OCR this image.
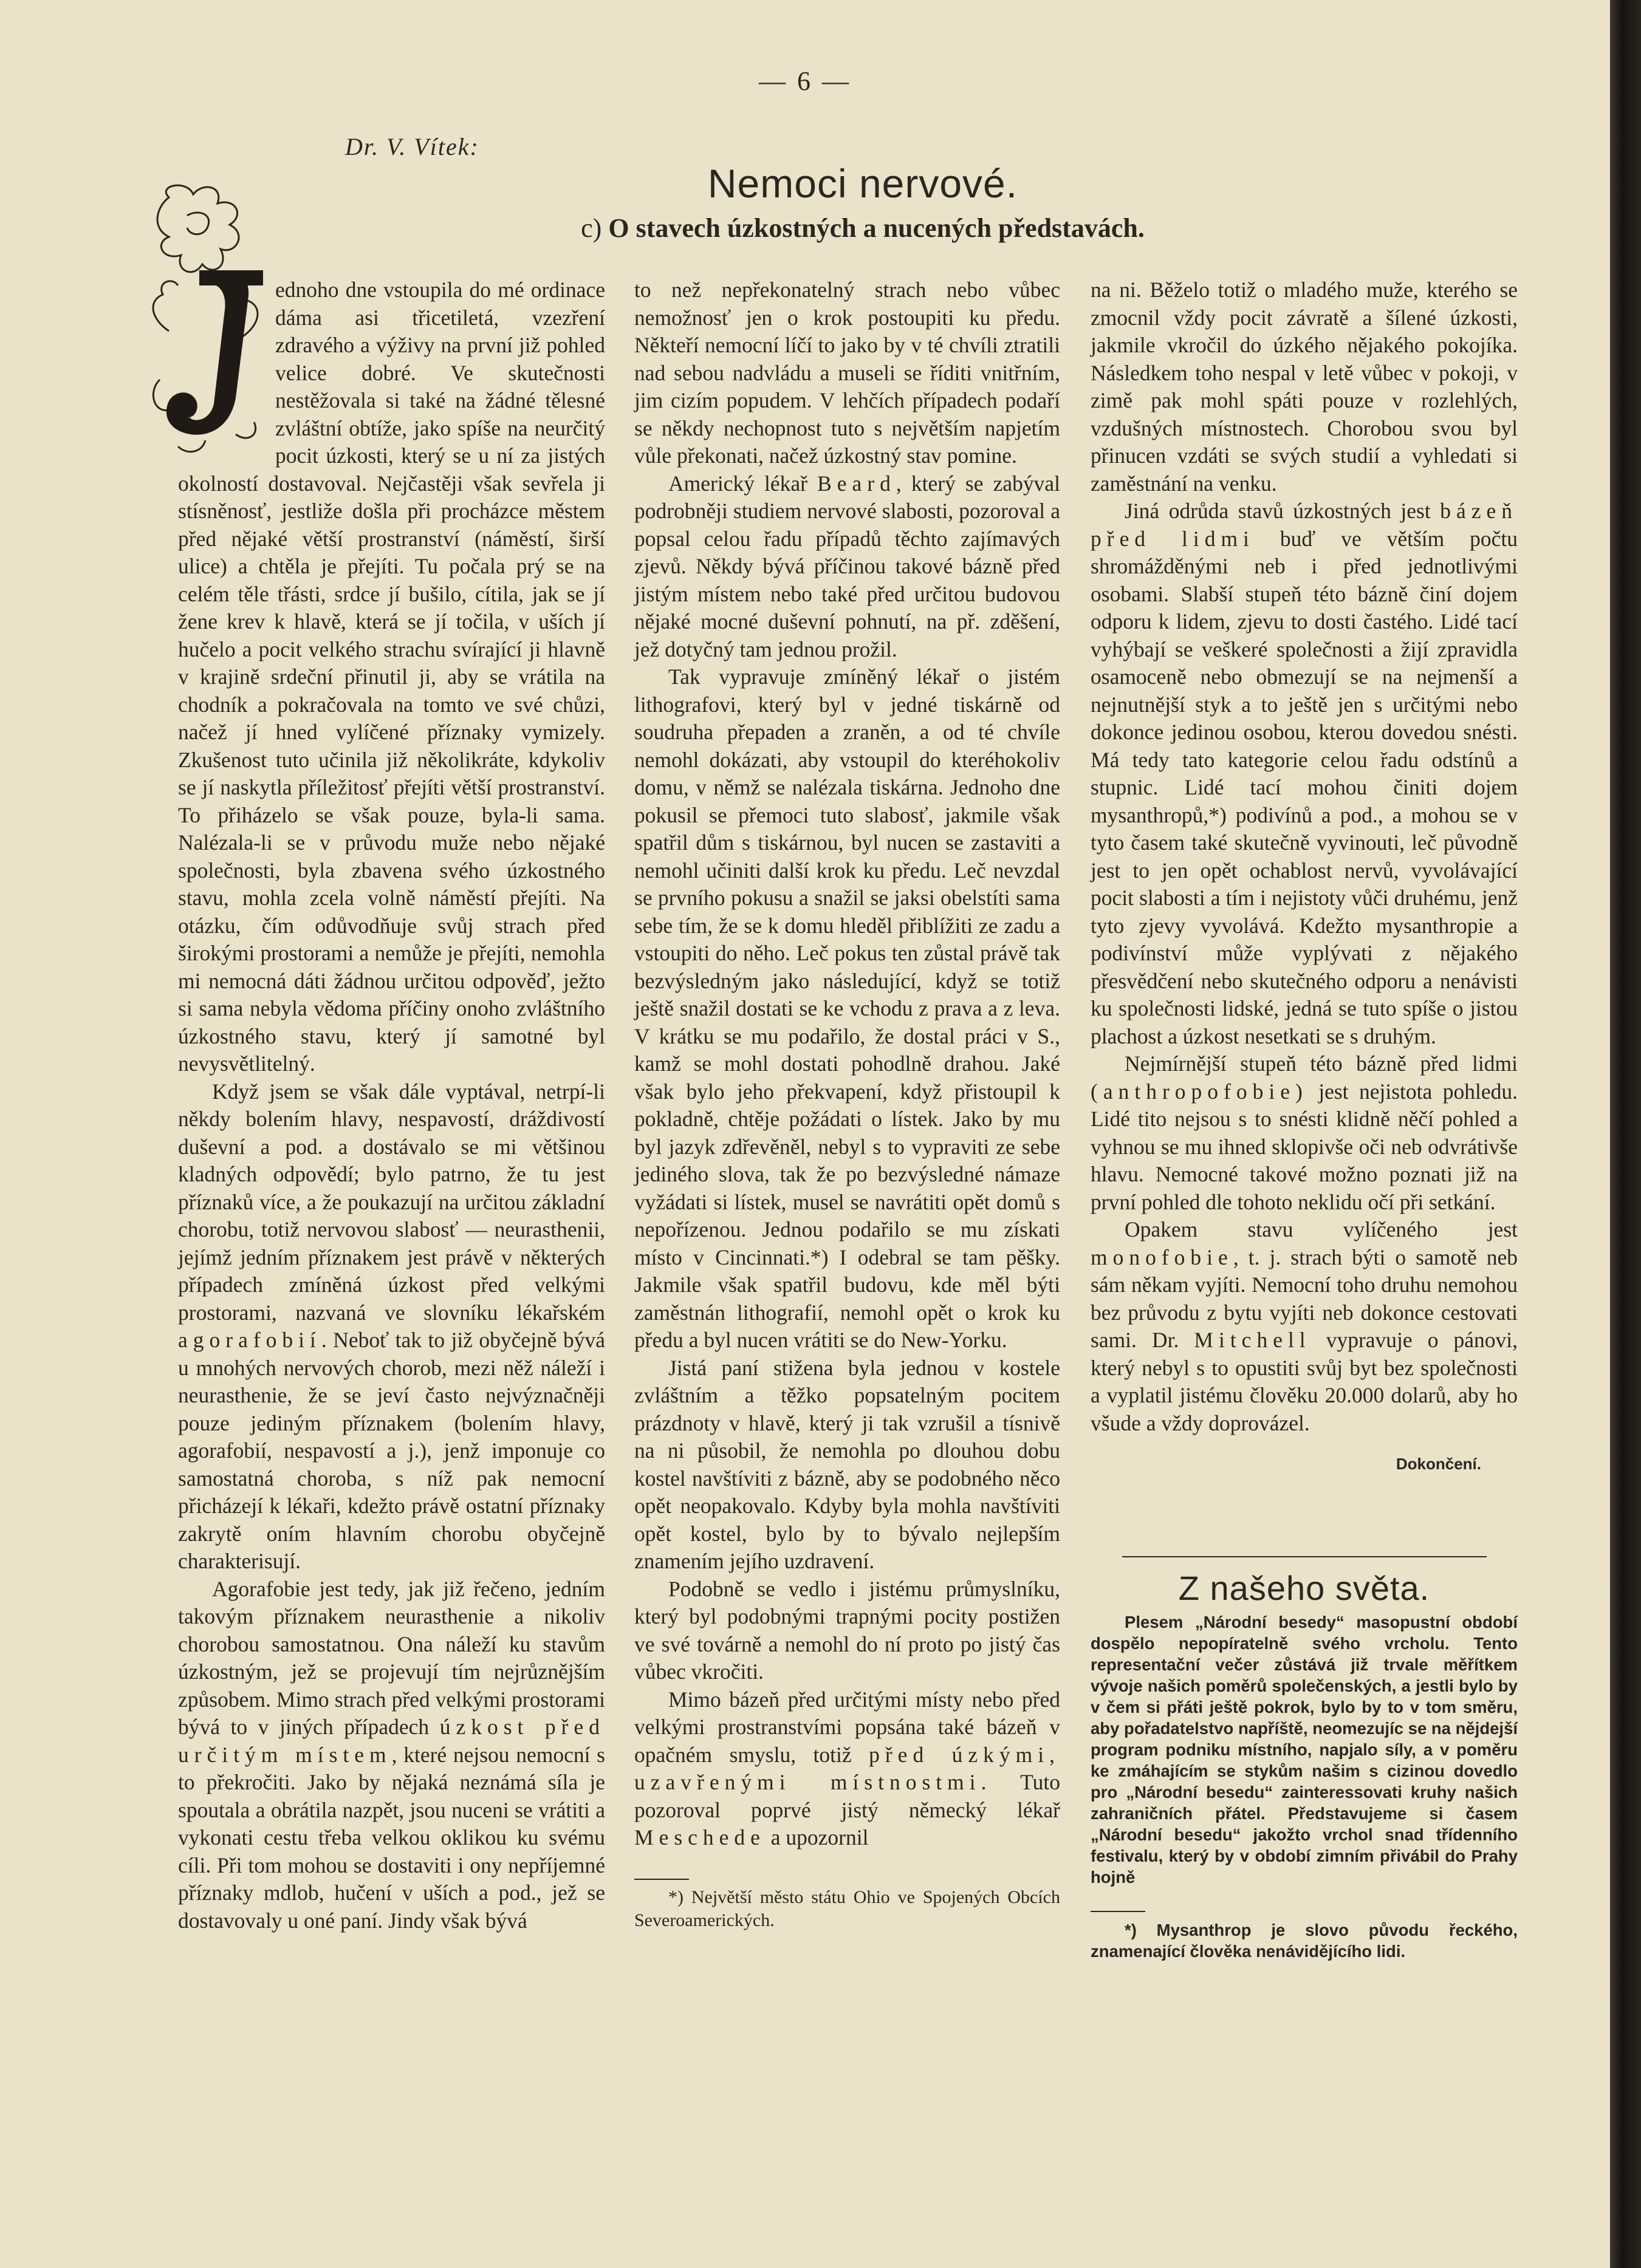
— 6 —
Dr. V. Vítek:
Nemoci nervové.
c) O stavech úzkostných a nucených představách.

ednoho dne vstoupila do mé ordinace dáma asi třicetiletá, vzezření zdravého a výživy na první již pohled velice dobré. Ve skutečnosti nestěžovala si také na žádné tělesné zvláštní obtíže, jako spíše na neurčitý pocit úzkosti, který se u ní za jistých okolností dostavoval. Nejčastěji však sevřela ji stísněnosť, jestliže došla při procházce městem před nějaké větší prostranství (náměstí, širší ulice) a chtěla je přejíti. Tu počala prý se na celém těle třásti, srdce jí bušilo, cítila, jak se jí žene krev k hlavě, která se jí točila, v uších jí hučelo a pocit velkého strachu svírající ji hlavně v krajině srdeční přinutil ji, aby se vrátila na chodník a pokračovala na tomto ve své chůzi, načež jí hned vylíčené příznaky vymizely. Zkušenost tuto učinila již několikráte, kdykoliv se jí naskytla příležitosť přejíti větší prostranství. To přiházelo se však pouze, byla-li sama. Nalézala-li se v průvodu muže nebo nějaké společnosti, byla zbavena svého úzkostného stavu, mohla zcela volně náměstí přejíti. Na otázku, čím odůvodňuje svůj strach před širokými prostorami a nemůže je přejíti, nemohla mi nemocná dáti žádnou určitou odpověď, ježto si sama nebyla vědoma příčiny onoho zvláštního úzkostného stavu, který jí samotné byl nevysvětlitelný.

Když jsem se však dále vyptával, netrpí-li někdy bolením hlavy, nespavostí, dráždivostí duševní a pod. a dostávalo se mi většinou kladných odpovědí; bylo patrno, že tu jest příznaků více, a že poukazují na určitou základní chorobu, totiž nervovou slabosť — neurasthenii, jejímž jedním příznakem jest právě v některých případech zmíněná úzkost před velkými prostorami, nazvaná ve slovníku lékařském agorafobií. Neboť tak to již obyčejně bývá u mnohých nervových chorob, mezi něž náleží i neurasthenie, že se jeví často nejvýznačněji pouze jediným příznakem (bolením hlavy, agorafobií, nespavostí a j.), jenž imponuje co samostatná choroba, s níž pak nemocní přicházejí k lékaři, kdežto právě ostatní příznaky zakrytě oním hlavním chorobu obyčejně charakterisují.

Agorafobie jest tedy, jak již řečeno, jedním takovým příznakem neurasthenie a nikoliv chorobou samostatnou. Ona náleží ku stavům úzkostným, jež se projevují tím nejrůznějším způsobem. Mimo strach před velkými prostorami bývá to v jiných případech úzkost před určitým místem, které nejsou nemocní s to překročiti. Jako by nějaká neznámá síla je spoutala a obrátila nazpět, jsou nuceni se vrátiti a vykonati cestu třeba velkou oklikou ku svému cíli. Při tom mohou se dostaviti i ony nepříjemné příznaky mdlob, hučení v uších a pod., jež se dostavovaly u oné paní. Jindy však bývá

to než nepřekonatelný strach nebo vůbec nemožnosť jen o krok postoupiti ku předu. Někteří nemocní líčí to jako by v té chvíli ztratili nad sebou nadvládu a museli se říditi vnitřním, jim cizím popudem. V lehčích případech podaří se někdy nechopnost tuto s největším napjetím vůle překonati, načež úzkostný stav pomine.

Americký lékař Beard, který se zabýval podrobněji studiem nervové slabosti, pozoroval a popsal celou řadu případů těchto zajímavých zjevů. Někdy bývá příčinou takové bázně před jistým místem nebo také před určitou budovou nějaké mocné duševní pohnutí, na př. zděšení, jež dotyčný tam jednou prožil.

Tak vypravuje zmíněný lékař o jistém lithografovi, který byl v jedné tiskárně od soudruha přepaden a zraněn, a od té chvíle nemohl dokázati, aby vstoupil do kteréhokoliv domu, v němž se nalézala tiskárna. Jednoho dne pokusil se přemoci tuto slabosť, jakmile však spatřil dům s tiskárnou, byl nucen se zastaviti a nemohl učiniti další krok ku předu. Leč nevzdal se prvního pokusu a snažil se jaksi obelstíti sama sebe tím, že se k domu hleděl přiblížiti ze zadu a vstoupiti do něho. Leč pokus ten zůstal právě tak bezvýsledným jako následující, když se totiž ještě snažil dostati se ke vchodu z prava a z leva. V krátku se mu podařilo, že dostal práci v S., kamž se mohl dostati pohodlně drahou. Jaké však bylo jeho překvapení, když přistoupil k pokladně, chtěje požádati o lístek. Jako by mu byl jazyk zdřevěněl, nebyl s to vypraviti ze sebe jediného slova, tak že po bezvýsledné námaze vyžádati si lístek, musel se navrátiti opět domů s nepořízenou. Jednou podařilo se mu získati místo v Cincinnati.*) I odebral se tam pěšky. Jakmile však spatřil budovu, kde měl býti zaměstnán lithografií, nemohl opět o krok ku předu a byl nucen vrátiti se do New-Yorku.

Jistá paní stižena byla jednou v kostele zvláštním a těžko popsatelným pocitem prázdnoty v hlavě, který ji tak vzrušil a tísnivě na ni působil, že nemohla po dlouhou dobu kostel navštíviti z bázně, aby se podobného něco opět neopakovalo. Kdyby byla mohla navštíviti opět kostel, bylo by to bývalo nejlepším znamením jejího uzdravení.

Podobně se vedlo i jistému průmyslníku, který byl podobnými trapnými pocity postižen ve své továrně a nemohl do ní proto po jistý čas vůbec vkročiti.

Mimo bázeň před určitými místy nebo před velkými prostranstvími popsána také bázeň v opačném smyslu, totiž před úzkými, uzavřenými místnostmi. Tuto pozoroval poprvé jistý německý lékař Meschede a upozornil

*) Největší město státu Ohio ve Spojených Obcích Severoamerických.

na ni. Běželo totiž o mladého muže, kterého se zmocnil vždy pocit závratě a šílené úzkosti, jakmile vkročil do úzkého nějakého pokojíka. Následkem toho nespal v letě vůbec v pokoji, v zimě pak mohl spáti pouze v rozlehlých, vzdušných místnostech. Chorobou svou byl přinucen vzdáti se svých studií a vyhledati si zaměstnání na venku.

Jiná odrůda stavů úzkostných jest bázeň před lidmi buď ve větším počtu shromážděnými neb i před jednotlivými osobami. Slabší stupeň této bázně činí dojem odporu k lidem, zjevu to dosti častého. Lidé tací vyhýbají se veškeré společnosti a žijí zpravidla osamoceně nebo obmezují se na nejmenší a nejnutnější styk a to ještě jen s určitými nebo dokonce jedinou osobou, kterou dovedou snésti. Má tedy tato kategorie celou řadu odstínů a stupnic. Lidé tací mohou činiti dojem mysanthropů,*) podivínů a pod., a mohou se v tyto časem také skutečně vyvinouti, leč původně jest to jen opět ochablost nervů, vyvolávající pocit slabosti a tím i nejistoty vůči druhému, jenž tyto zjevy vyvolává. Kdežto mysanthropie a podivínství může vyplývati z nějakého přesvědčení nebo skutečného odporu a nenávisti ku společnosti lidské, jedná se tuto spíše o jistou plachost a úzkost nesetkati se s druhým.

Nejmírnější stupeň této bázně před lidmi (anthropofobie) jest nejistota pohledu. Lidé tito nejsou s to snésti klidně něčí pohled a vyhnou se mu ihned sklopivše oči neb odvrátivše hlavu. Nemocné takové možno poznati již na první pohled dle tohoto neklidu očí při setkání.

Opakem stavu vylíčeného jest monofobie, t. j. strach býti o samotě neb sám někam vyjíti. Nemocní toho druhu nemohou bez průvodu z bytu vyjíti neb dokonce cestovati sami. Dr. Mitchell vypravuje o pánovi, který nebyl s to opustiti svůj byt bez společnosti a vyplatil jistému člověku 20.000 dolarů, aby ho všude a vždy doprovázel.

Dokončení.
Z našeho světa.

Plesem „Národní besedy“ masopustní období dospělo nepopíratelně svého vrcholu. Tento representační večer zůstává již trvale měřítkem vývoje našich poměrů společenských, a jestli bylo by v čem si přáti ještě pokrok, bylo by to v tom směru, aby pořadatelstvo napříště, neomezujíc se na nějdejší program podniku místního, napjalo síly, a v poměru ke zmáhajícím se stykům našim s cizinou dovedlo pro „Národní besedu“ zainteressovati kruhy našich zahraničních přátel. Představujeme si časem „Národní besedu“ jakožto vrchol snad třídenního festivalu, který by v období zimním přivábil do Prahy hojně

*) Mysanthrop je slovo původu řeckého, znamenající člověka nenávidějícího lidi.
